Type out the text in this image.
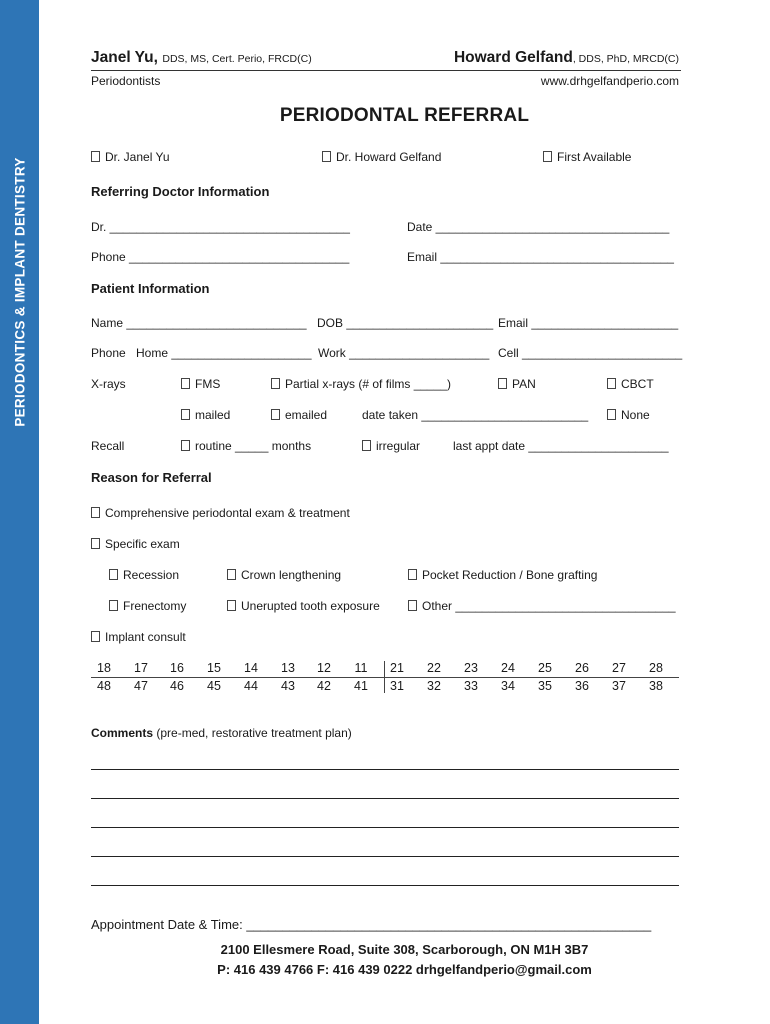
PERIODONTICS & IMPLANT DENTISTRY
Janel Yu, DDS, MS, Cert. Perio, FRCD(C)	Howard Gelfand, DDS, PhD, MRCD(C)
Periodontists	www.drhgelfandperio.com
PERIODONTAL REFERRAL
Dr. Janel Yu	Dr. Howard Gelfand	First Available
Referring Doctor Information
Dr. ____________________________________	Date ___________________________________
Phone _________________________________	Email ___________________________________
Patient Information
Name ___________________________ DOB ______________________ Email ______________________
Phone Home _____________________ Work _____________________ Cell ________________________
X-rays	FMS	Partial x-rays (# of films _____)	PAN	CBCT
mailed	emailed	date taken _________________________	None
Recall	routine _____ months	irregular	last appt date _____________________
Reason for Referral
Comprehensive periodontal exam & treatment
Specific exam
Recession	Crown lengthening	Pocket Reduction / Bone grafting
Frenectomy	Unerupted tooth exposure	Other _________________________________
Implant consult
18	17	16	15	14	13	12	11	21	22	23	24	25	26	27	28
48	47	46	45	44	43	42	41	31	32	33	34	35	36	37	38
Comments (pre-med, restorative treatment plan)
Appointment Date & Time: ________________________________________________________
2100 Ellesmere Road, Suite 308, Scarborough, ON M1H 3B7
P: 416 439 4766 F: 416 439 0222 drhgelfandperio@gmail.com
